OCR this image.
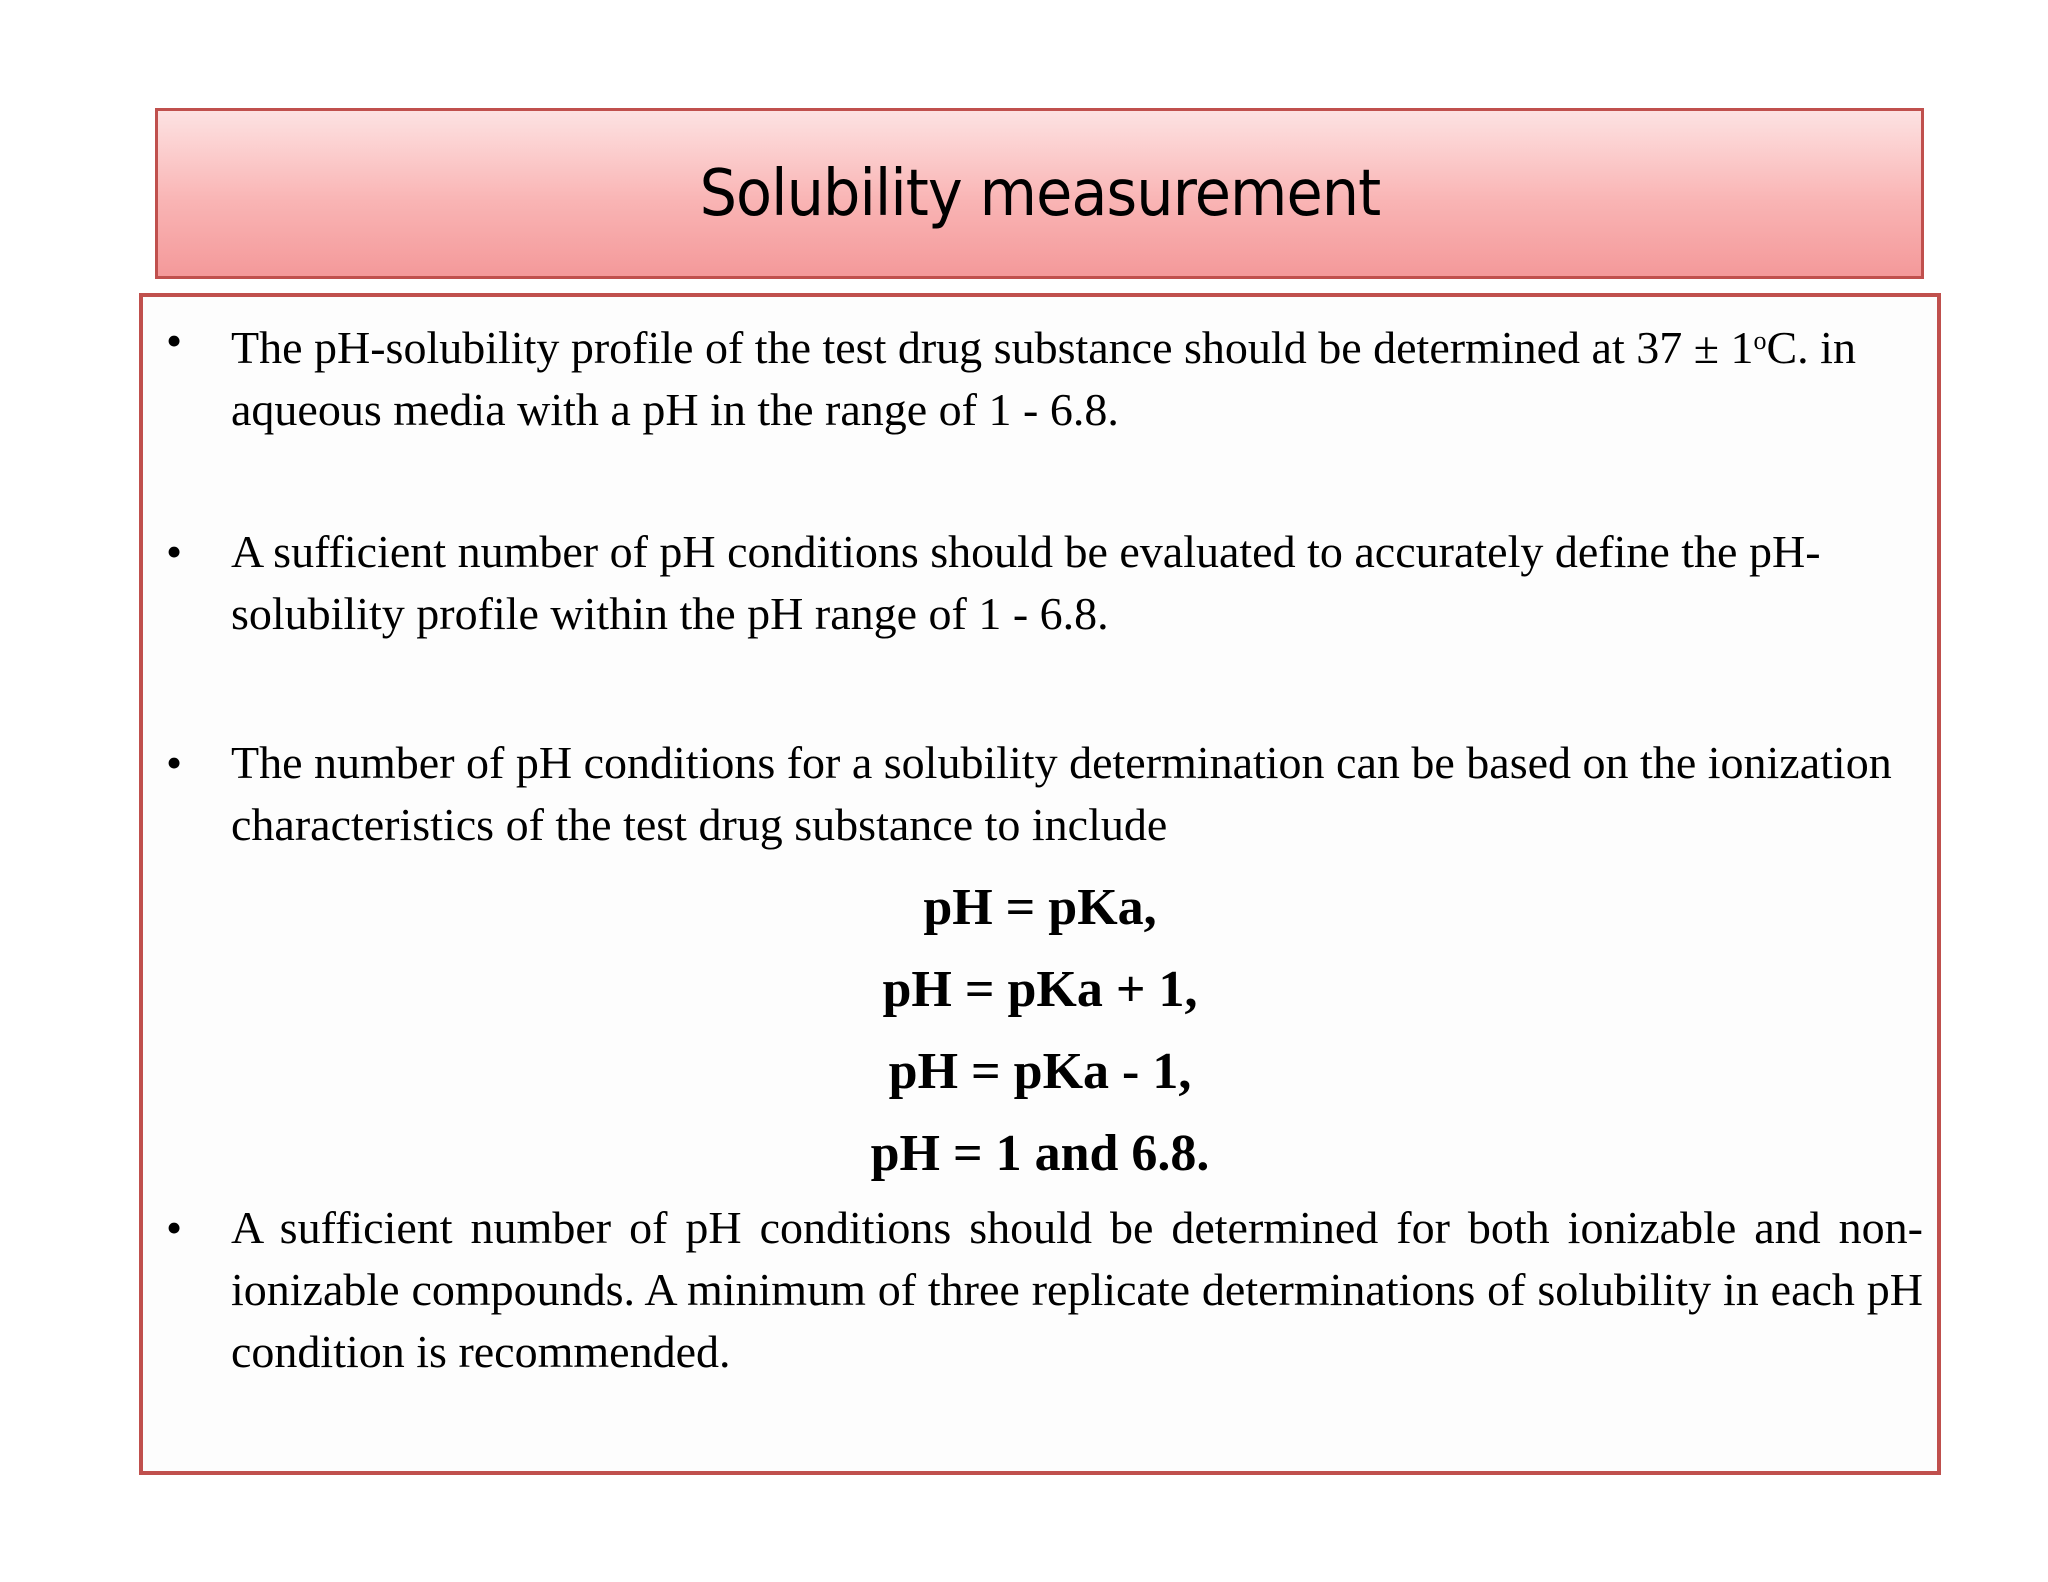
Solubility measurement
• The pH-solubility profile of the test drug substance should be determined at $37 \pm 1^oC$. in aqueous media with a pH in the range of 1 - 6.8.

• A sufficient number of pH conditions should be evaluated to accurately define the pH-solubility profile within the pH range of 1 - 6.8.

• The number of pH conditions for a solubility determination can be based on the ionization characteristics of the test drug substance to include

pH = pKa,
pH = pKa + 1,
pH = pKa - 1,
pH = 1 and 6.8.
• A sufficient number of pH conditions should be determined for both ionizable and non-ionizable compounds. A minimum of three replicate determinations of solubility in each pH condition is recommended.
